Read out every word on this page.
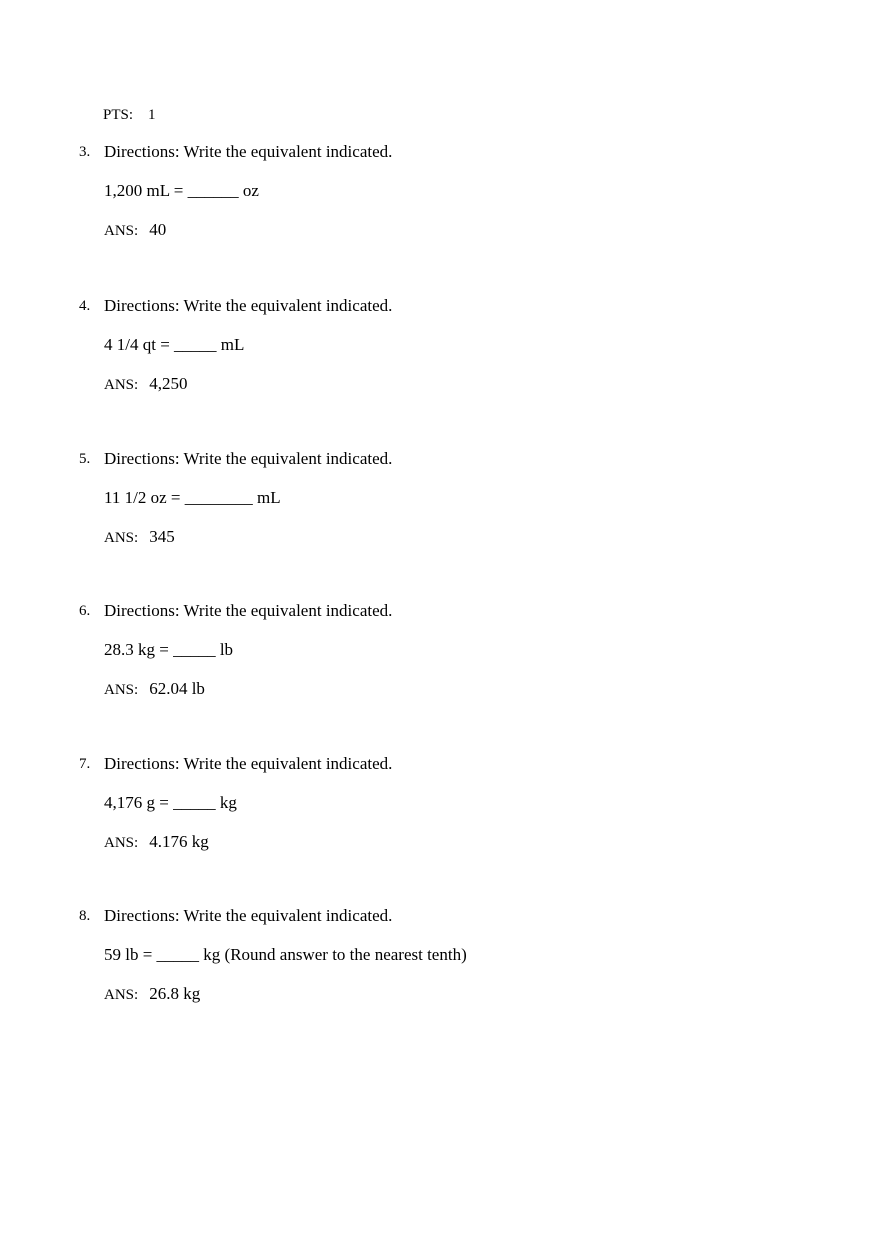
PTS: 1
3. Directions: Write the equivalent indicated.
1,200 mL = ______ oz
ANS: 40
4. Directions: Write the equivalent indicated.
4 1/4 qt = _____ mL
ANS: 4,250
5. Directions: Write the equivalent indicated.
11 1/2 oz = ________ mL
ANS: 345
6. Directions: Write the equivalent indicated.
28.3 kg = _____ lb
ANS: 62.04 lb
7. Directions: Write the equivalent indicated.
4,176 g = _____ kg
ANS: 4.176 kg
8. Directions: Write the equivalent indicated.
59 lb = _____ kg (Round answer to the nearest tenth)
ANS: 26.8 kg
